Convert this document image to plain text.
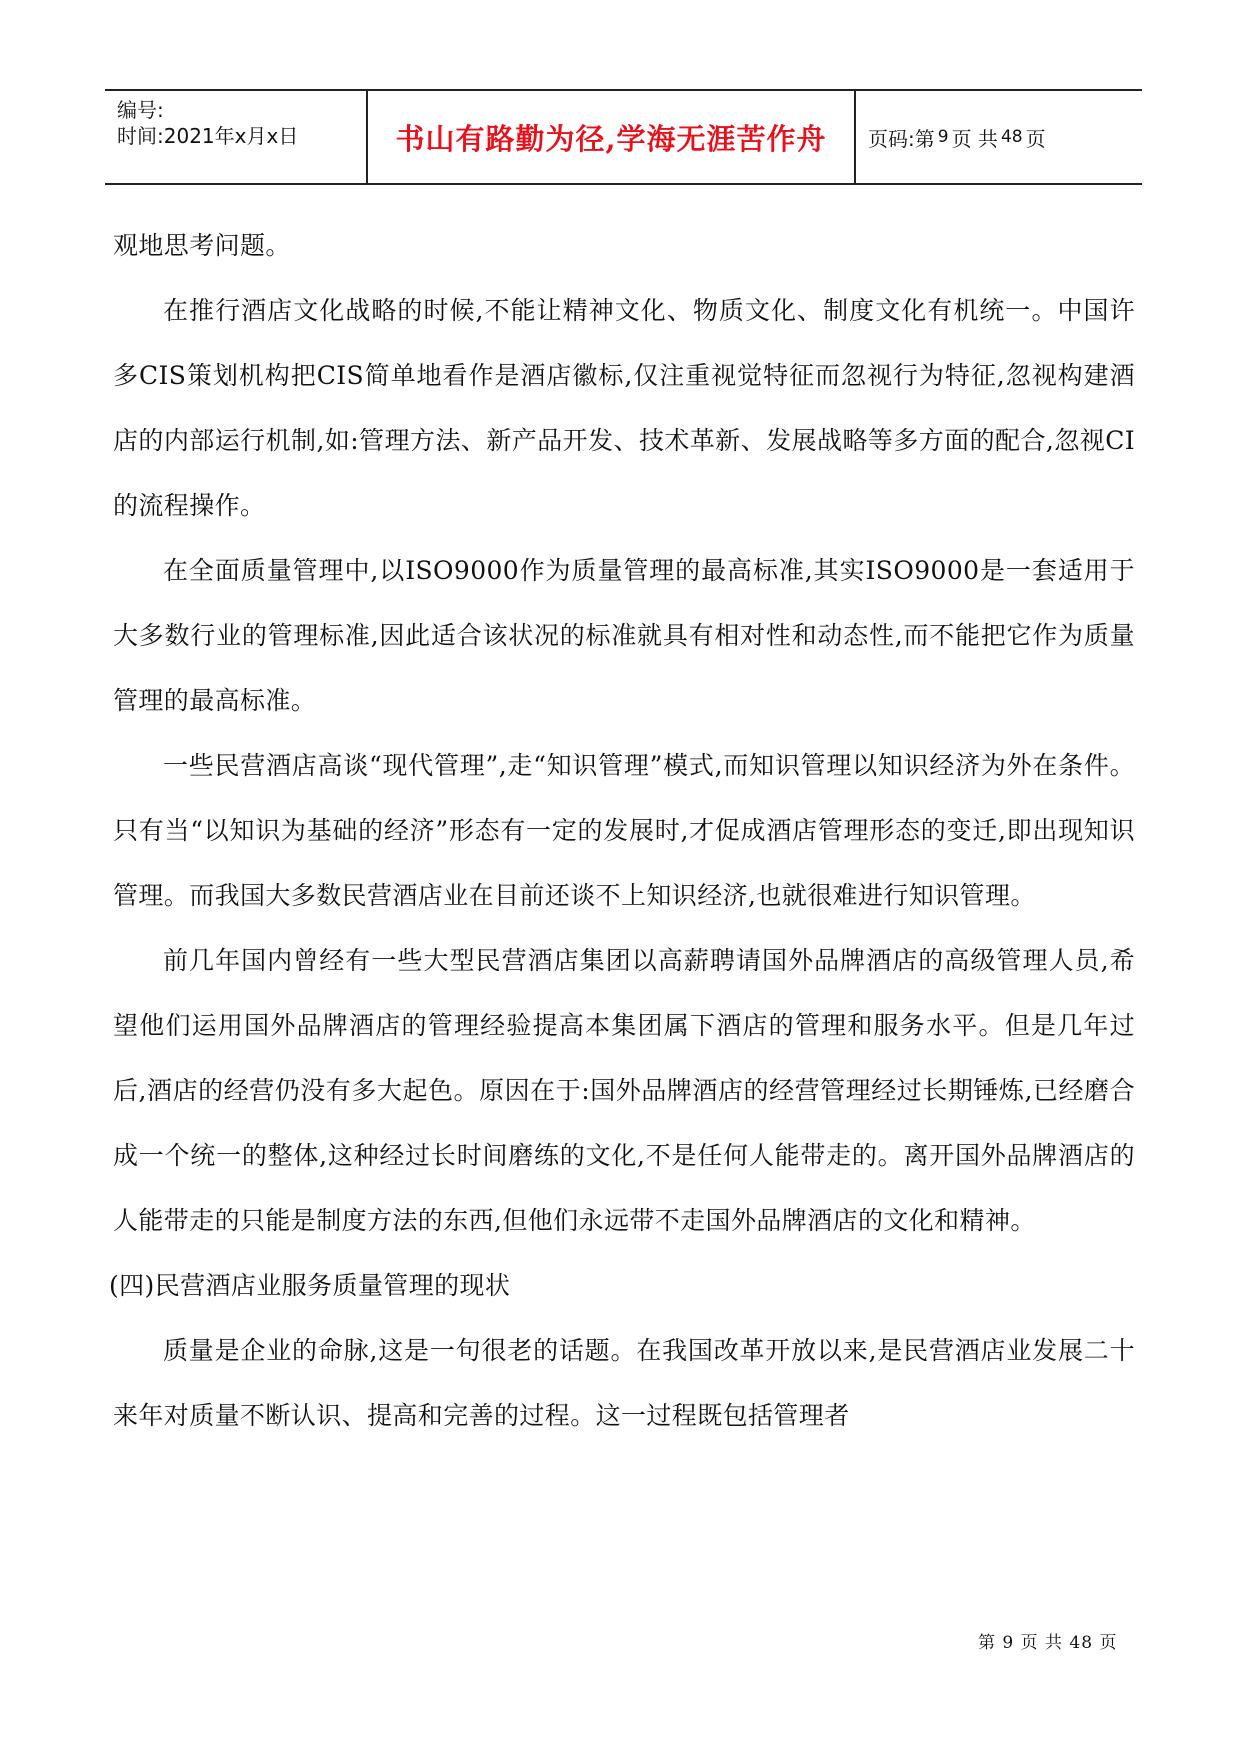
编号:
时间:2021年x月x日	书山有路勤为径,学海无涯苦作舟 页码:第 9 页 共 48 页

观地思考问题。

在推行酒店文化战略的时候,不能让精神文化、物质文化、制度文化有机统一。中国许多CIS策划机构把CIS简单地看作是酒店徽标,仅注重视觉特征而忽视行为特征,忽视构建酒店的内部运行机制,如:管理方法、新产品开发、技术革新、发展战略等多方面的配合,忽视CI的流程操作。

在全面质量管理中,以ISO9000作为质量管理的最高标准,其实ISO9000是一套适用于大多数行业的管理标准,因此适合该状况的标准就具有相对性和动态性,而不能把它作为质量管理的最高标准。

一些民营酒店高谈“现代管理”,走“知识管理”模式,而知识管理以知识经济为外在条件。只有当“以知识为基础的经济”形态有一定的发展时,才促成酒店管理形态的变迁,即出现知识管理。而我国大多数民营酒店业在目前还谈不上知识经济,也就很难进行知识管理。

前几年国内曾经有一些大型民营酒店集团以高薪聘请国外品牌酒店的高级管理人员,希望他们运用国外品牌酒店的管理经验提高本集团属下酒店的管理和服务水平。但是几年过后,酒店的经营仍没有多大起色。原因在于:国外品牌酒店的经营管理经过长期锤炼,已经磨合成一个统一的整体,这种经过长时间磨练的文化,不是任何人能带走的。离开国外品牌酒店的人能带走的只能是制度方法的东西,但他们永远带不走国外品牌酒店的文化和精神。

(四)民营酒店业服务质量管理的现状

质量是企业的命脉,这是一句很老的话题。在我国改革开放以来,是民营酒店业发展二十来年对质量不断认识、提高和完善的过程。这一过程既包括管理者

第 9 页 共 48 页
